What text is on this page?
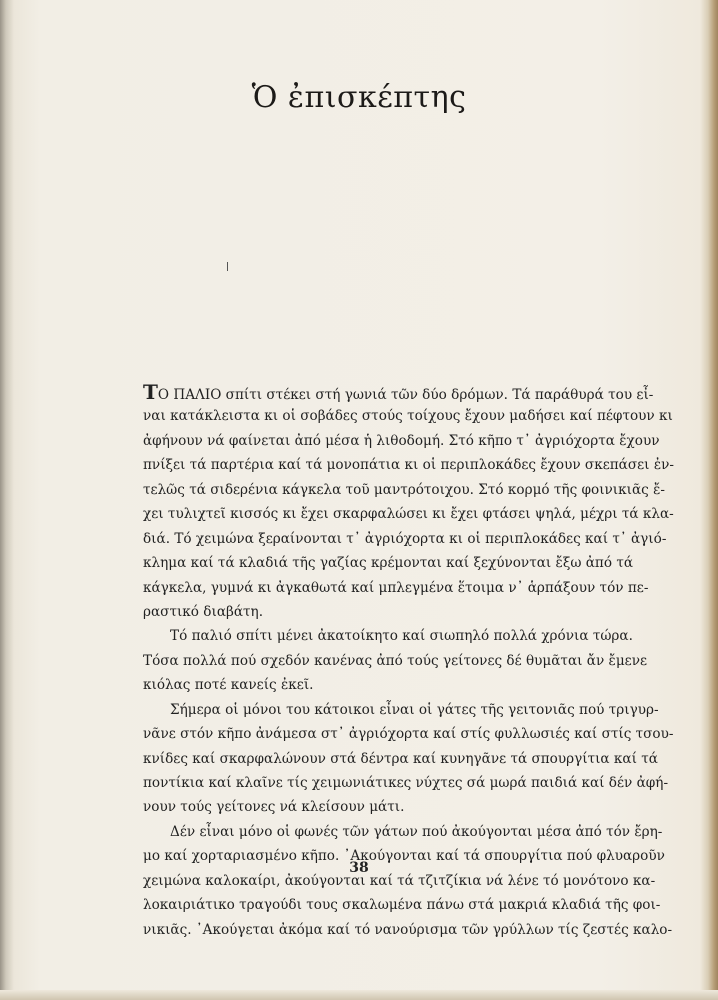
Ὁ ἐπισκέπτης
ΤΟ ΠΑΛΙΟ σπίτι στέκει στή γωνιά τῶν δύο δρόμων. Τά παράθυρά του εἶ-
ναι κατάκλειστα κι οἱ σοβάδες στούς τοίχους ἔχουν μαδήσει καί πέφτουν κι
ἀφήνουν νά φαίνεται ἀπό μέσα ἡ λιθοδομή. Στό κῆπο τ᾽ ἀγριόχορτα ἔχουν
πνίξει τά παρτέρια καί τά μονοπάτια κι οἱ περιπλοκάδες ἔχουν σκεπάσει ἐν-
τελῶς τά σιδερένια κάγκελα τοῦ μαντρότοιχου. Στό κορμό τῆς φοινικιᾶς ἔ-
χει τυλιχτεῖ κισσός κι ἔχει σκαρφαλώσει κι ἔχει φτάσει ψηλά, μέχρι τά κλα-
διά. Τό χειμώνα ξεραίνονται τ᾽ ἀγριόχορτα κι οἱ περιπλοκάδες καί τ᾽ ἀγιό-
κλημα καί τά κλαδιά τῆς γαζίας κρέμονται καί ξεχύνονται ἔξω ἀπό τά
κάγκελα, γυμνά κι ἀγκαθωτά καί μπλεγμένα ἕτοιμα ν᾽ ἁρπάξουν τόν πε-
ραστικό διαβάτη.
Τό παλιό σπίτι μένει ἀκατοίκητο καί σιωπηλό πολλά χρόνια τώρα.
Τόσα πολλά πού σχεδόν κανένας ἀπό τούς γείτονες δέ θυμᾶται ἄν ἔμενε
κιόλας ποτέ κανείς ἐκεῖ.
Σήμερα οἱ μόνοι του κάτοικοι εἶναι οἱ γάτες τῆς γειτονιᾶς πού τριγυρ-
νᾶνε στόν κῆπο ἀνάμεσα στ᾽ ἀγριόχορτα καί στίς φυλλωσιές καί στίς τσου-
κνίδες καί σκαρφαλώνουν στά δέντρα καί κυνηγᾶνε τά σπουργίτια καί τά
ποντίκια καί κλαῖνε τίς χειμωνιάτικες νύχτες σά μωρά παιδιά καί δέν ἀφή-
νουν τούς γείτονες νά κλείσουν μάτι.
Δέν εἶναι μόνο οἱ φωνές τῶν γάτων πού ἀκούγονται μέσα ἀπό τόν ἔρη-
μο καί χορταριασμένο κῆπο. ᾽Ακούγονται καί τά σπουργίτια πού φλυαροῦν
χειμώνα καλοκαίρι, ἀκούγονται καί τά τζιτζίκια νά λένε τό μονότονο κα-
λοκαιριάτικο τραγούδι τους σκαλωμένα πάνω στά μακριά κλαδιά τῆς φοι-
νικιᾶς. ᾽Ακούγεται ἀκόμα καί τό νανούρισμα τῶν γρύλλων τίς ζεστές καλο-
38
